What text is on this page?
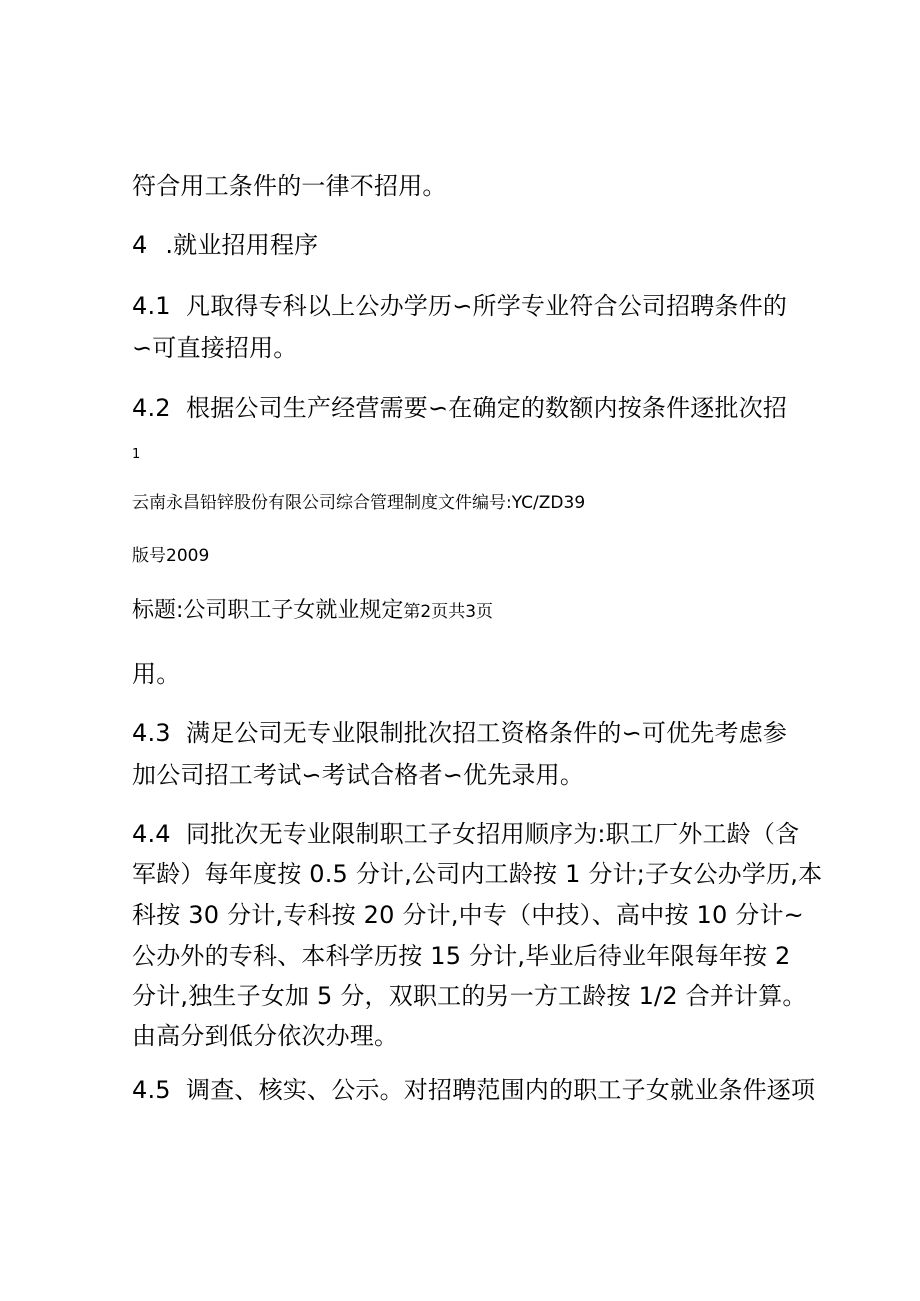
符合用工条件的一律不招用。
4 .就业招用程序
4.1 凡取得专科以上公办学历∽所学专业符合公司招聘条件的
∽可直接招用。
4.2 根据公司生产经营需要∽在确定的数额内按条件逐批次招
1
云南永昌铅锌股份有限公司综合管理制度文件编号:YC/ZD39
版号2009
标题:公司职工子女就业规定第2页共3页
用。
4.3 满足公司无专业限制批次招工资格条件的∽可优先考虑参
加公司招工考试∽考试合格者∽优先录用。
4.4 同批次无专业限制职工子女招用顺序为:职工厂外工龄（含
军龄）每年度按 0.5 分计,公司内工龄按 1 分计;子女公办学历,本
科按 30 分计,专科按 20 分计,中专（中技）、高中按 10 分计~
公办外的专科、本科学历按 15 分计,毕业后待业年限每年按 2
分计,独生子女加 5 分，双职工的另一方工龄按 1/2 合并计算。
由高分到低分依次办理。
4.5 调查、核实、公示。对招聘范围内的职工子女就业条件逐项
